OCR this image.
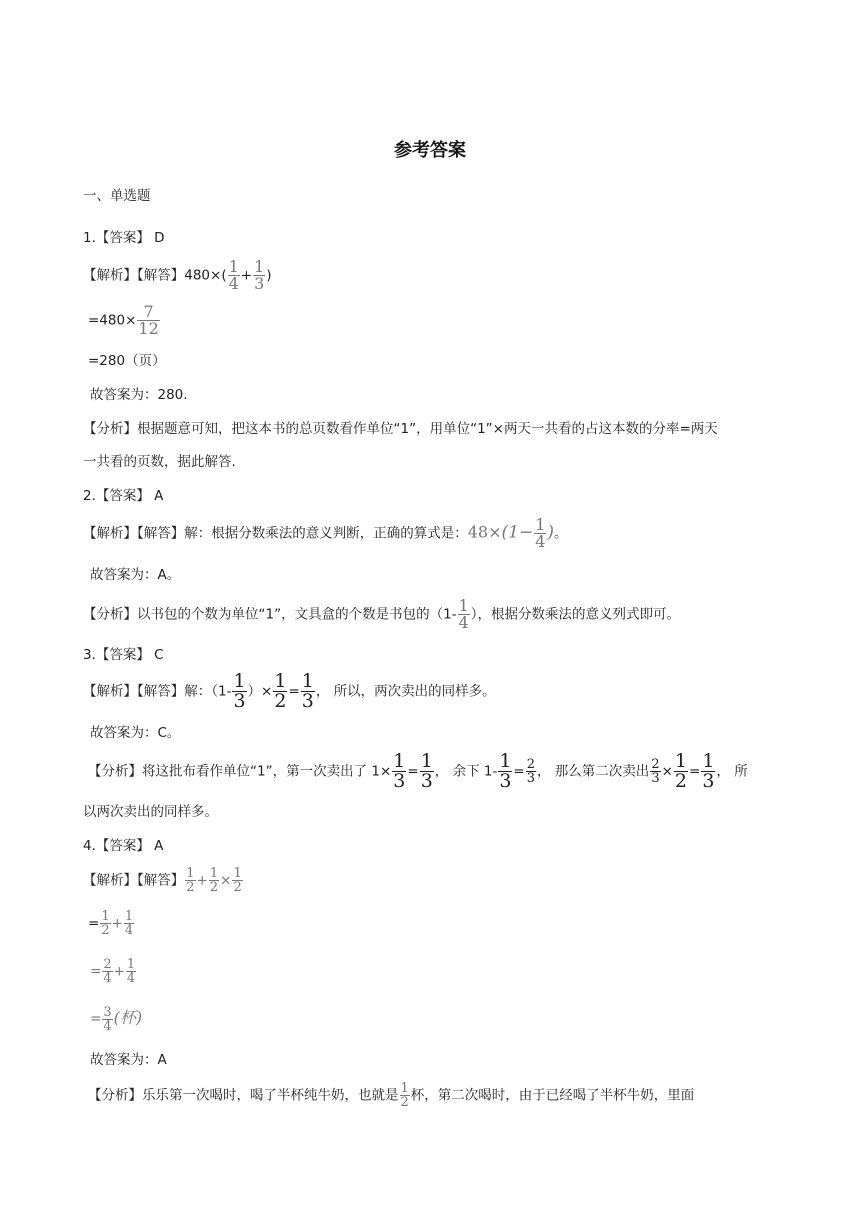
参考答案
一、单选题
1.【答案】 D
【解析】【解答】$480\times( \frac{1}{4} + \frac{1}{3}$ )
$=480\times \frac{7}{12}$
=280（页）
故答案为：280.
【分析】根据题意可知，把这本书的总页数看作单位“1”，用单位“1”×两天一共看的占这本数的分率=两天
一共看的页数，据此解答.
2.【答案】 A
【解析】【解答】解：根据分数乘法的意义判断，正确的算式是：$48\times(1- \frac{1}{4}$ )。
故答案为：A。
【分析】以书包的个数为单位“1”，文具盒的个数是书包的（$1- \frac{1}{4}$ ），根据分数乘法的意义列式即可。
3.【答案】 C
【解析】【解答】解：（$1- \frac{1}{3}$ ）× $\frac{1}{2} = \frac{1}{3}$ ， 所以，两次卖出的同样多。
故答案为：C。
【分析】将这批布看作单位“1”，第一次卖出了 $1\times \frac{1}{3} = \frac{1}{3}$ ， 余下 $1- \frac{1}{3} = \frac{2}{3}$ ， 那么第二次卖出 $\frac{2}{3} \times \frac{1}{2} = \frac{1}{3}$ ， 所
以两次卖出的同样多。
4.【答案】 A
【解析】【解答】 $\frac{1}{2} + \frac{1}{2} \times \frac{1}{2}$
= $\frac{1}{2} + \frac{1}{4}$
= $\frac{2}{4} + \frac{1}{4}$
= $\frac{3}{4}$ (杯)
故答案为：A
【分析】乐乐第一次喝时，喝了半杯纯牛奶，也就是 $\frac{1}{2}$ 杯，第二次喝时，由于已经喝了半杯牛奶，里面
